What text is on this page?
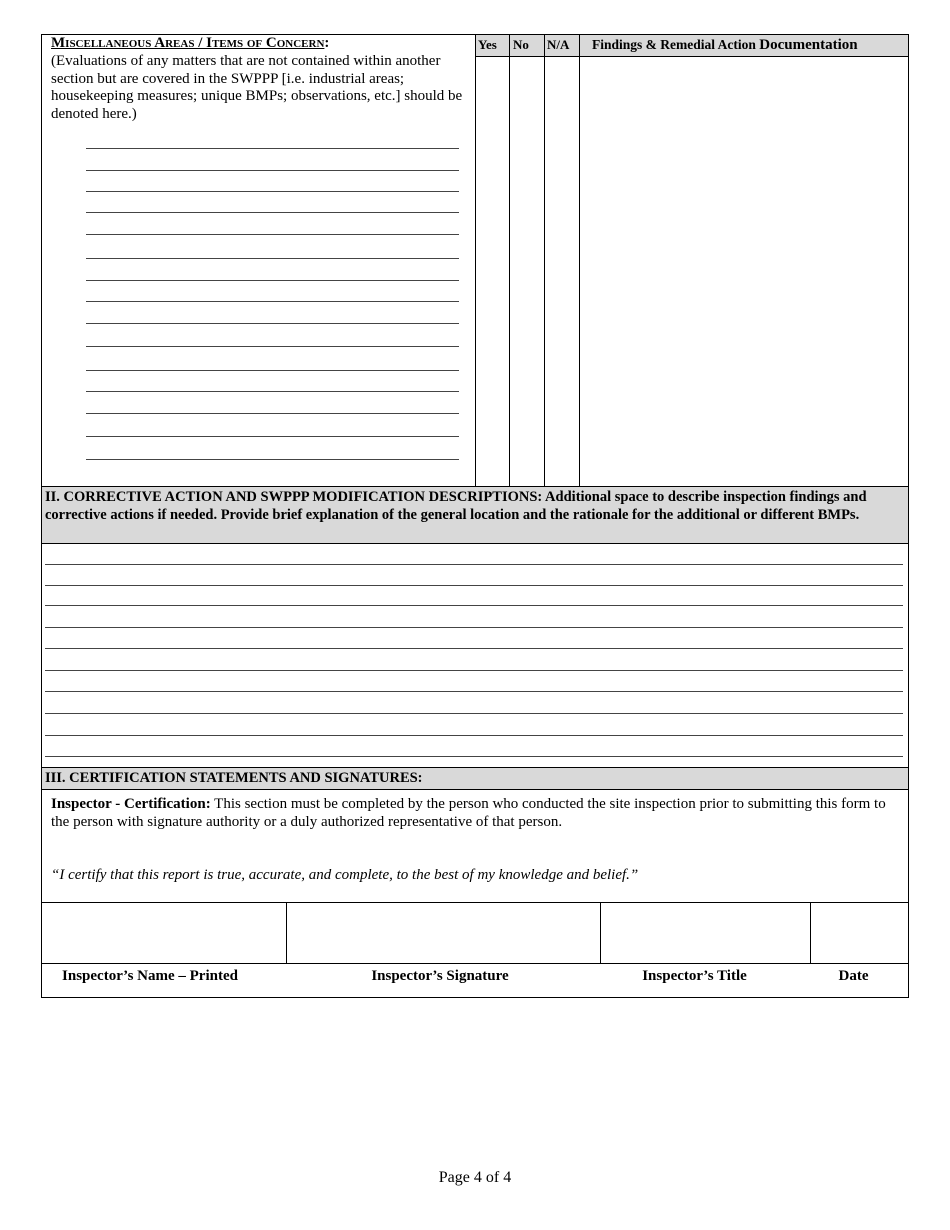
Yes No N/A Findings & Remedial Action Documentation
Miscellaneous Areas / Items of Concern:
(Evaluations of any matters that are not contained within another section but are covered in the SWPPP [i.e. industrial areas; housekeeping measures; unique BMPs; observations, etc.] should be denoted here.)
II. CORRECTIVE ACTION AND SWPPP MODIFICATION DESCRIPTIONS: Additional space to describe inspection findings and corrective actions if needed. Provide brief explanation of the general location and the rationale for the additional or different BMPs.
III. CERTIFICATION STATEMENTS AND SIGNATURES:
Inspector - Certification: This section must be completed by the person who conducted the site inspection prior to submitting this form to the person with signature authority or a duly authorized representative of that person.
“I certify that this report is true, accurate, and complete, to the best of my knowledge and belief.”
Inspector’s Name – Printed	Inspector’s Signature	Inspector’s Title	Date
Page 4 of 4
